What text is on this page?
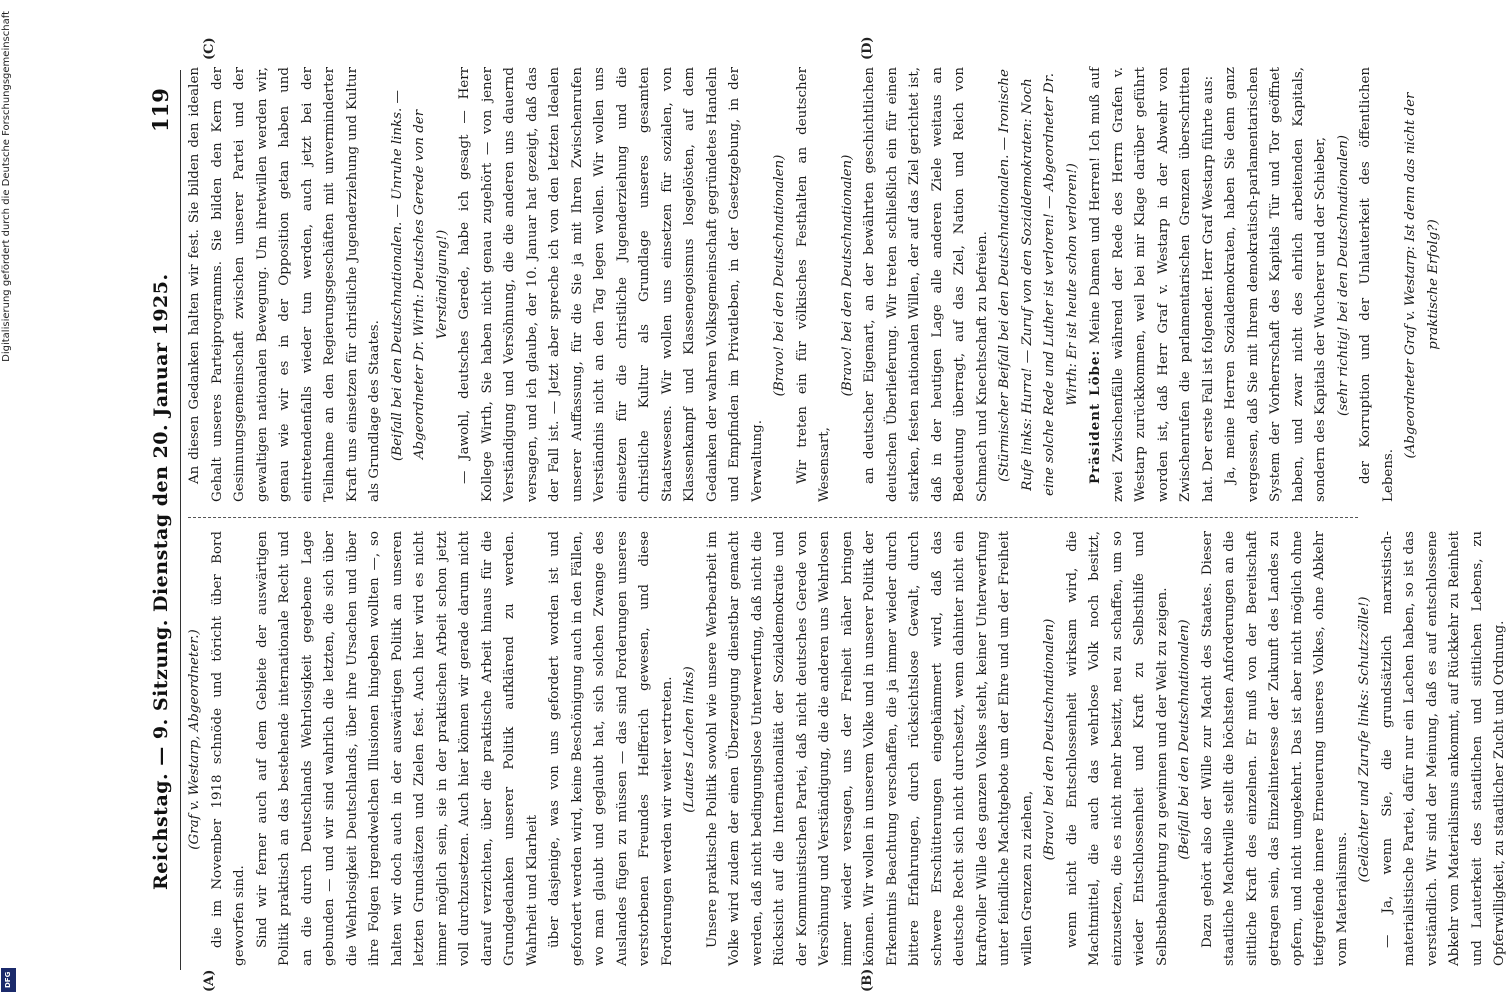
Digitalisierung gefördert durch die Deutsche Forschungsgemeinschaft
DFG
Reichstag. — 9. Sitzung. Dienstag den 20. Januar 1925.
119
(A)	(B)
(C)	(D)

(Graf v. Westarp, Abgeordneter.) die im November 1918 schnöde und töricht über Bord geworfen sind. Sind wir ferner auch auf dem Gebiete der auswärtigen Politik praktisch an das bestehende internationale Recht und an die durch Deutschlands Wehrlosigkeit gegebene Lage gebunden — und wir sind wahrlich die letzten, die sich über die Wehrlosigkeit Deutschlands, über ihre Ursachen und über ihre Folgen irgendwelchen Illusionen hingeben wollten —, so halten wir doch auch in der auswärtigen Politik an unseren letzten Grundsätzen und Zielen fest. Auch hier wird es nicht immer möglich sein, sie in der praktischen Arbeit schon jetzt voll durchzusetzen. Auch hier können wir gerade darum nicht darauf verzichten, über die praktische Arbeit hinaus für die Grundgedanken unserer Politik aufklärend zu werden. Wahrheit und Klarheit über dasjenige, was von uns gefordert worden ist und gefordert werden wird, keine Beschönigung auch in den Fällen, wo man glaubt und geglaubt hat, sich solchen Zwange des Auslandes fügen zu müssen — das sind Forderungen unseres verstorbenen Freundes Helfferich gewesen, und diese Forderungen werden wir weiter vertreten. (Lautes Lachen links) Unsere praktische Politik sowohl wie unsere Werbearbeit im Volke wird zudem der einen Überzeugung dienstbar gemacht werden, daß nicht bedingungslose Unterwerfung, daß nicht die Rücksicht auf die Internationalität der Sozialdemokratie und der Kommunistischen Partei, daß nicht deutsches Gerede von Versöhnung und Verständigung, die die anderen uns Wehrlosen immer wieder versagen, uns der Freiheit näher bringen können. Wir wollen in unserem Volke und in unserer Politik der Erkenntnis Beachtung verschaffen, die ja immer wieder durch bittere Erfahrungen, durch rücksichtslose Gewalt, durch schwere Erschütterungen eingehämmert wird, daß das deutsche Recht sich nicht durchsetzt, wenn dahinter nicht ein kraftvoller Wille des ganzen Volkes steht, keiner Unterwerfung unter feindliche Machtgebote um der Ehre und um der Freiheit willen Grenzen zu ziehen,

(Bravo! bei den Deutschnationalen) wenn nicht die Entschlossenheit wirksam wird, die Machtmittel, die auch das wehrlose Volk noch besitzt, einzusetzen, die es nicht mehr besitzt, neu zu schaffen, um so wieder Entschlossenheit und Kraft zu Selbsthilfe und Selbstbehauptung zu gewinnen und der Welt zu zeigen. (Beifall bei den Deutschnationalen) Dazu gehört also der Wille zur Macht des Staates. Dieser staatliche Machtwille stellt die höchsten Anforderungen an die sittliche Kraft des einzelnen. Er muß von der Bereitschaft getragen sein, das Einzelinteresse der Zukunft des Landes zu opfern, und nicht umgekehrt. Das ist aber nicht möglich ohne tiefgreifende innere Erneuerung unseres Volkes, ohne Abkehr vom Materialismus.

(Gelächter und Zurufe links: Schutzzölle!) — Ja, wenn Sie, die grundsätzlich marxistisch-materialistische Partei, dafür nur ein Lachen haben, so ist das verständlich. Wir sind der Meinung, daß es auf entschlossene Abkehr vom Materialismus ankommt, auf Rückkehr zu Reinheit und Lauterkeit des staatlichen und sittlichen Lebens, zu Opferwilligkeit, zu staatlicher Zucht und Ordnung.

An diesen Gedanken halten wir fest. Sie bilden den idealen Gehalt unseres Parteiprogramms. Sie bilden den Kern der Gesinnungsgemeinschaft zwischen unserer Partei und der gewaltigen nationalen Bewegung. Um ihretwillen werden wir, genau wie wir es in der Opposition getan haben und eintretendenfalls wieder tun werden, auch jetzt bei der Teilnahme an den Regierungsgeschäften mit unverminderter Kraft uns einsetzen für christliche Jugenderziehung und Kultur als Grundlage des Staates. (Beifall bei den Deutschnationalen. — Unruhe links. — Abgeordneter Dr. Wirth: Deutsches Gerede von der Verständigung!) — Jawohl, deutsches Gerede, habe ich gesagt — Herr Kollege Wirth, Sie haben nicht genau zugehört — von jener Verständigung und Versöhnung, die die anderen uns dauernd versagen, und ich glaube, der 10. Januar hat gezeigt, daß das der Fall ist. — Jetzt aber spreche ich von den letzten Idealen unserer Auffassung, für die Sie ja mit Ihren Zwischenrufen Verständnis nicht an den Tag legen wollen. Wir wollen uns einsetzen für die christliche Jugenderziehung und die christliche Kultur als Grundlage unseres gesamten Staatswesens. Wir wollen uns einsetzen für sozialen, von Klassenkampf und Klassenegoismus losgelösten, auf dem Gedanken der wahren Volksgemeinschaft gegründetes Handeln und Empfinden im Privatleben, in der Gesetzgebung, in der Verwaltung.

(Bravo! bei den Deutschnationalen) Wir treten ein für völkisches Festhalten an deutscher Wesensart,

(Bravo! bei den Deutschnationalen) an deutscher Eigenart, an der bewährten geschichtlichen deutschen Überlieferung. Wir treten schließlich ein für einen starken, festen nationalen Willen, der auf das Ziel gerichtet ist, daß in der heutigen Lage alle anderen Ziele weitaus an Bedeutung überragt, auf das Ziel, Nation und Reich von Schmach und Knechtschaft zu befreien. (Stürmischer Beifall bei den Deutschnationalen. — Ironische Rufe links: Hurra! — Zuruf von den Sozialdemokraten: Noch eine solche Rede und Luther ist verloren! — Abgeordneter Dr. Wirth: Er ist heute schon verloren!)

Präsident Löbe: Meine Damen und Herren! Ich muß auf zwei Zwischenfälle während der Rede des Herrn Grafen v. Westarp zurückkommen, weil bei mir Klage darüber geführt worden ist, daß Herr Graf v. Westarp in der Abwehr von Zwischenrufen die parlamentarischen Grenzen überschritten hat. Der erste Fall ist folgender. Herr Graf Westarp führte aus: Ja, meine Herren Sozialdemokraten, haben Sie denn ganz vergessen, daß Sie mit Ihrem demokratisch-parlamentarischen System der Vorherrschaft des Kapitals Tür und Tor geöffnet haben, und zwar nicht des ehrlich arbeitenden Kapitals, sondern des Kapitals der Wucherer und der Schieber, (sehr richtig! bei den Deutschnationalen) der Korruption und der Unlauterkeit des öffentlichen Lebens.

(Abgeordneter Graf v. Westarp: Ist denn das nicht der praktische Erfolg?)
